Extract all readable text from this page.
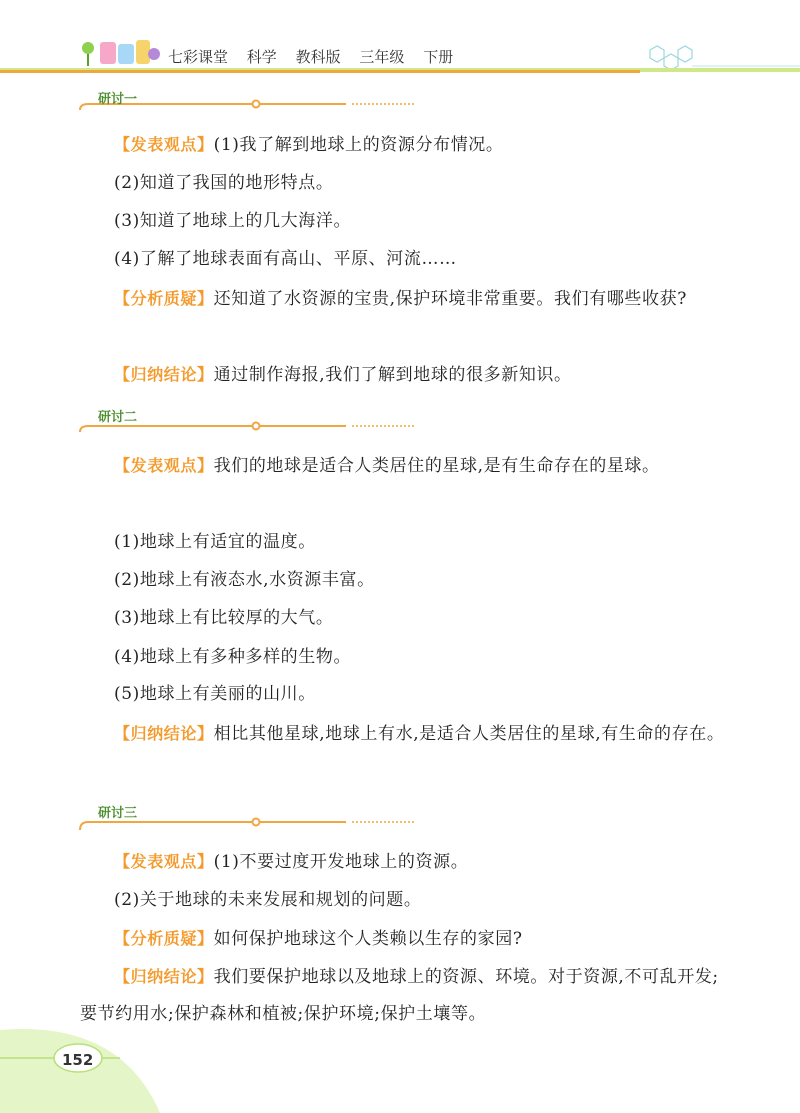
七彩课堂 科学 教科版 三年级 下册
研讨一
【发表观点】(1)我了解到地球上的资源分布情况。
(2)知道了我国的地形特点。
(3)知道了地球上的几大海洋。
(4)了解了地球表面有高山、平原、河流……
【分析质疑】还知道了水资源的宝贵,保护环境非常重要。我们有哪些收获?
【归纳结论】通过制作海报,我们了解到地球的很多新知识。
研讨二
【发表观点】我们的地球是适合人类居住的星球,是有生命存在的星球。
(1)地球上有适宜的温度。
(2)地球上有液态水,水资源丰富。
(3)地球上有比较厚的大气。
(4)地球上有多种多样的生物。
(5)地球上有美丽的山川。
【归纳结论】相比其他星球,地球上有水,是适合人类居住的星球,有生命的存在。
研讨三
【发表观点】(1)不要过度开发地球上的资源。
(2)关于地球的未来发展和规划的问题。
【分析质疑】如何保护地球这个人类赖以生存的家园?
【归纳结论】我们要保护地球以及地球上的资源、环境。对于资源,不可乱开发;要节约用水;保护森林和植被;保护环境;保护土壤等。
152
